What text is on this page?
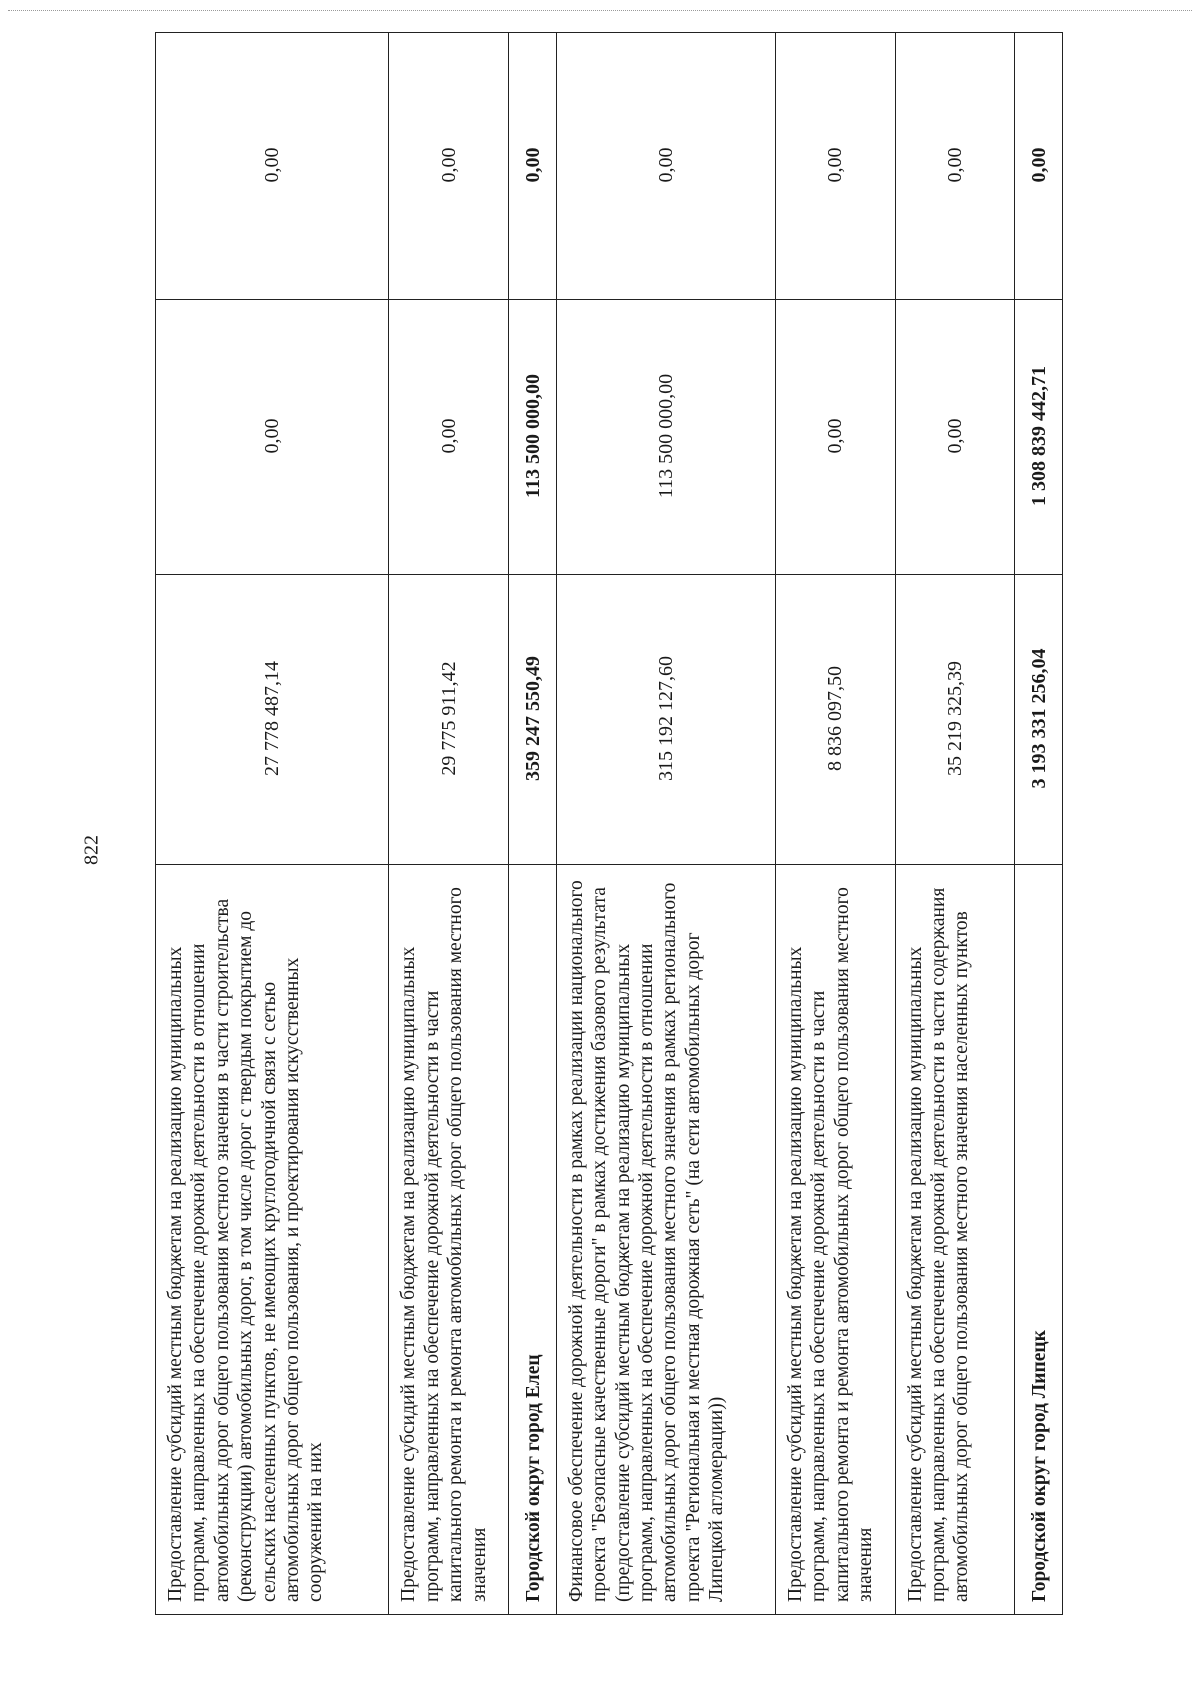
822
Предоставление субсидий местным бюджетам на реализацию муниципальных программ, направленных на обеспечение дорожной деятельности в отношении автомобильных дорог общего пользования местного значения в части строительства (реконструкции) автомобильных дорог, в том числе дорог с твердым покрытием до сельских населенных пунктов, не имеющих круглогодичной связи с сетью автомобильных дорог общего пользования, и проектирования искусственных сооружений на них	27 778 487,14	0,00	0,00
Предоставление субсидий местным бюджетам на реализацию муниципальных программ, направленных на обеспечение дорожной деятельности в части капитального ремонта и ремонта автомобильных дорог общего пользования местного значения	29 775 911,42	0,00	0,00
Городской округ город Елец	359 247 550,49	113 500 000,00	0,00
Финансовое обеспечение дорожной деятельности в рамках реализации национального проекта "Безопасные качественные дороги" в рамках достижения базового результата (предоставление субсидий местным бюджетам на реализацию муниципальных программ, направленных на обеспечение дорожной деятельности в отношении автомобильных дорог общего пользования местного значения в рамках регионального проекта "Региональная и местная дорожная сеть" (на сети автомобильных дорог Липецкой агломерации))	315 192 127,60	113 500 000,00	0,00
Предоставление субсидий местным бюджетам на реализацию муниципальных программ, направленных на обеспечение дорожной деятельности в части капитального ремонта и ремонта автомобильных дорог общего пользования местного значения	8 836 097,50	0,00	0,00
Предоставление субсидий местным бюджетам на реализацию муниципальных программ, направленных на обеспечение дорожной деятельности в части содержания автомобильных дорог общего пользования местного значения населенных пунктов	35 219 325,39	0,00	0,00
Городской округ город Липецк	3 193 331 256,04	1 308 839 442,71	0,00
